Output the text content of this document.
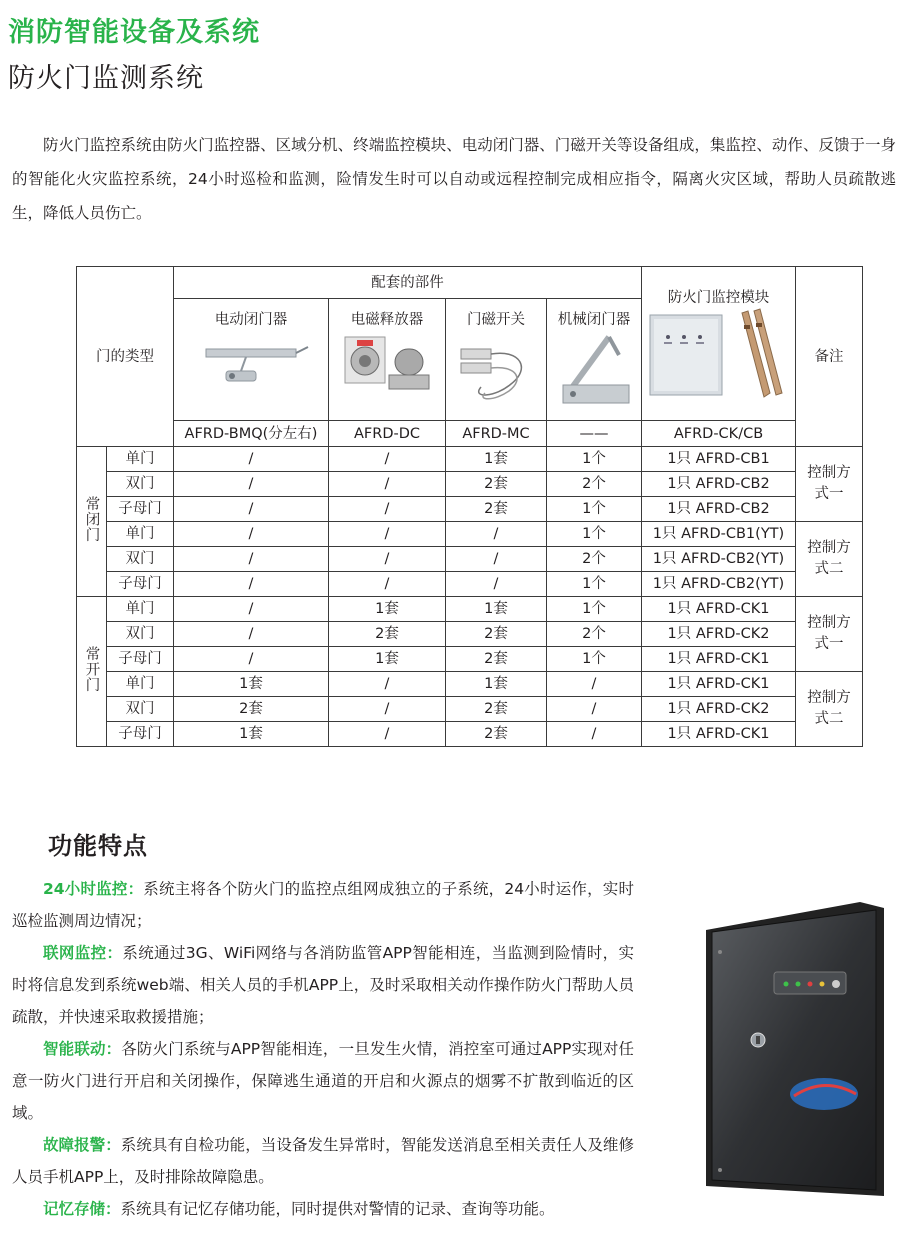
消防智能设备及系统
防火门监测系统
防火门监控系统由防火门监控器、区域分机、终端监控模块、电动闭门器、门磁开关等设备组成，集监控、动作、反馈于一身的智能化火灾监控系统，24小时巡检和监测，险情发生时可以自动或远程控制完成相应指令，隔离火灾区域，帮助人员疏散逃生，降低人员伤亡。
门的类型		配套的部件				防火门监控模块	备注

		电动闭门器	电磁释放器	门磁开关	机械闭门器		

		AFRD-BMQ(分左右)	AFRD-DC	AFRD-MC	——	AFRD-CK/CB	
常闭门	单门	/	/	1套	1个	1只 AFRD-CB1	控制方式一

	双门	/	/	2套	2个	1只 AFRD-CB2	
	子母门	/	/	2套	1个	1只 AFRD-CB2	
	单门	/	/	/	1个	1只 AFRD-CB1(YT)	控制方式二

	双门	/	/	/	2个	1只 AFRD-CB2(YT)	
	子母门	/	/	/	1个	1只 AFRD-CB2(YT)	
常开门	单门	/	1套	1套	1个	1只 AFRD-CK1	控制方式一

	双门	/	2套	2套	2个	1只 AFRD-CK2	
	子母门	/	1套	2套	1个	1只 AFRD-CK1	
	单门	1套	/	1套	/	1只 AFRD-CK1	控制方式二

	双门	2套	/	2套	/	1只 AFRD-CK2	
	子母门	1套	/	2套	/	1只 AFRD-CK1	
功能特点

24小时监控：系统主将各个防火门的监控点组网成独立的子系统，24小时运作，实时巡检监测周边情况；

联网监控：系统通过3G、WiFi网络与各消防监管APP智能相连，当监测到险情时，实时将信息发到系统web端、相关人员的手机APP上，及时采取相关动作操作防火门帮助人员疏散，并快速采取救援措施；

智能联动：各防火门系统与APP智能相连，一旦发生火情，消控室可通过APP实现对任意一防火门进行开启和关闭操作，保障逃生通道的开启和火源点的烟雾不扩散到临近的区域。

故障报警：系统具有自检功能，当设备发生异常时，智能发送消息至相关责任人及维修人员手机APP上，及时排除故障隐患。

记忆存储：系统具有记忆存储功能，同时提供对警情的记录、查询等功能。
